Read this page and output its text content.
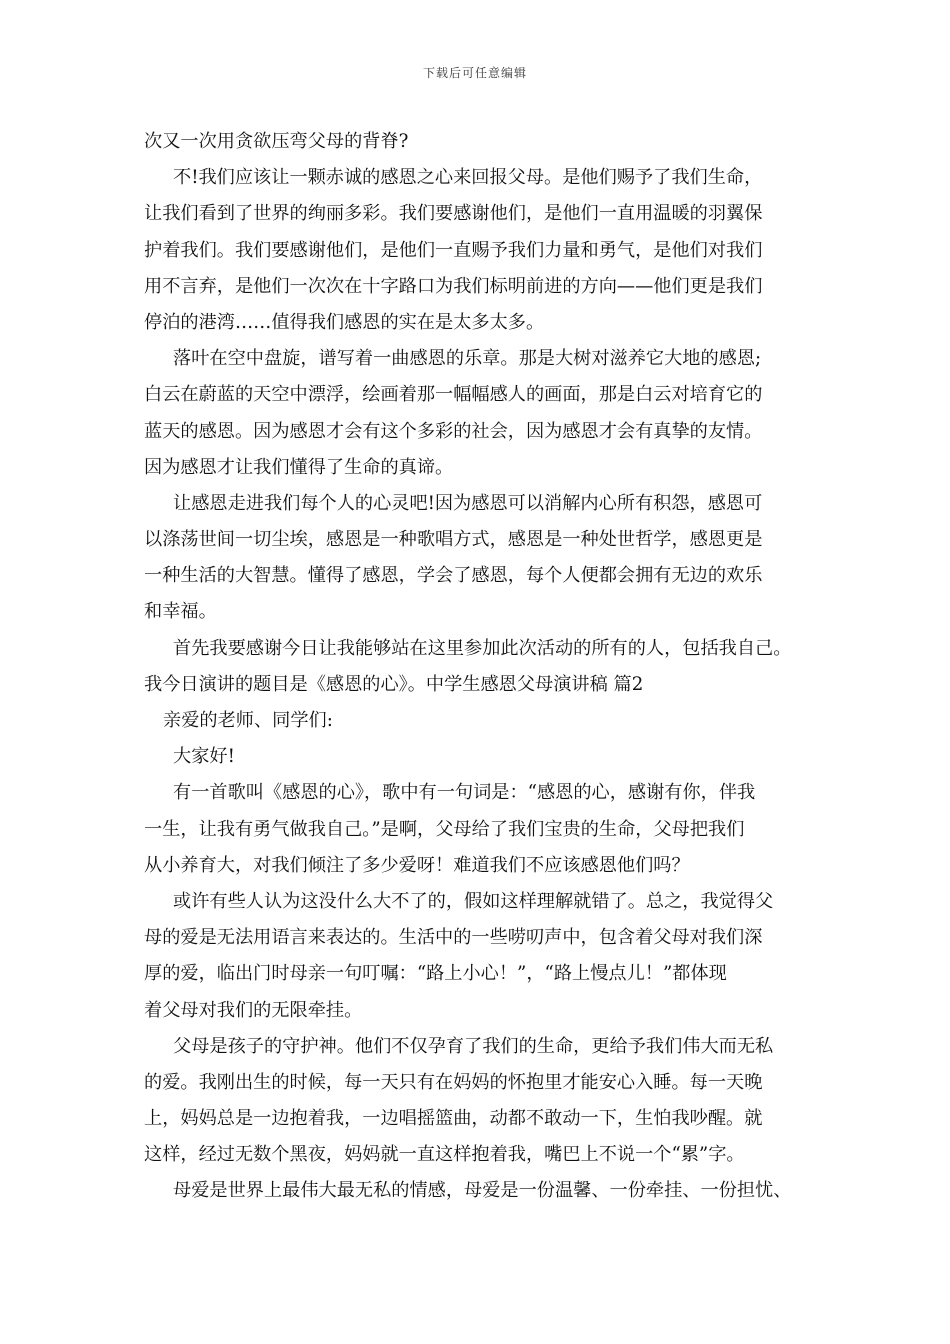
下载后可任意编辑
次又一次用贪欲压弯父母的背脊?
不!我们应该让一颗赤诚的感恩之心来回报父母。是他们赐予了我们生命，
让我们看到了世界的绚丽多彩。我们要感谢他们，是他们一直用温暖的羽翼保
护着我们。我们要感谢他们，是他们一直赐予我们力量和勇气，是他们对我们
用不言弃，是他们一次次在十字路口为我们标明前进的方向——他们更是我们
停泊的港湾……值得我们感恩的实在是太多太多。
落叶在空中盘旋，谱写着一曲感恩的乐章。那是大树对滋养它大地的感恩;
白云在蔚蓝的天空中漂浮，绘画着那一幅幅感人的画面，那是白云对培育它的
蓝天的感恩。因为感恩才会有这个多彩的社会，因为感恩才会有真挚的友情。
因为感恩才让我们懂得了生命的真谛。
让感恩走进我们每个人的心灵吧!因为感恩可以消解内心所有积怨，感恩可
以涤荡世间一切尘埃，感恩是一种歌唱方式，感恩是一种处世哲学，感恩更是
一种生活的大智慧。懂得了感恩，学会了感恩，每个人便都会拥有无边的欢乐
和幸福。
首先我要感谢今日让我能够站在这里参加此次活动的所有的人，包括我自己。
我今日演讲的题目是《感恩的心》。中学生感恩父母演讲稿 篇2
亲爱的老师、同学们:
大家好!
有一首歌叫《感恩的心》，歌中有一句词是：“感恩的心，感谢有你，伴我
一生，让我有勇气做我自己。”是啊，父母给了我们宝贵的生命，父母把我们
从小养育大，对我们倾注了多少爱呀！难道我们不应该感恩他们吗？
或许有些人认为这没什么大不了的，假如这样理解就错了。总之，我觉得父
母的爱是无法用语言来表达的。生活中的一些唠叨声中，包含着父母对我们深
厚的爱，临出门时母亲一句叮嘱：“路上小心！”，“路上慢点儿！”都体现
着父母对我们的无限牵挂。
父母是孩子的守护神。他们不仅孕育了我们的生命，更给予我们伟大而无私
的爱。我刚出生的时候，每一天只有在妈妈的怀抱里才能安心入睡。每一天晚
上，妈妈总是一边抱着我，一边唱摇篮曲，动都不敢动一下，生怕我吵醒。就
这样，经过无数个黑夜，妈妈就一直这样抱着我，嘴巴上不说一个“累”字。
母爱是世界上最伟大最无私的情感，母爱是一份温馨、一份牵挂、一份担忧、
